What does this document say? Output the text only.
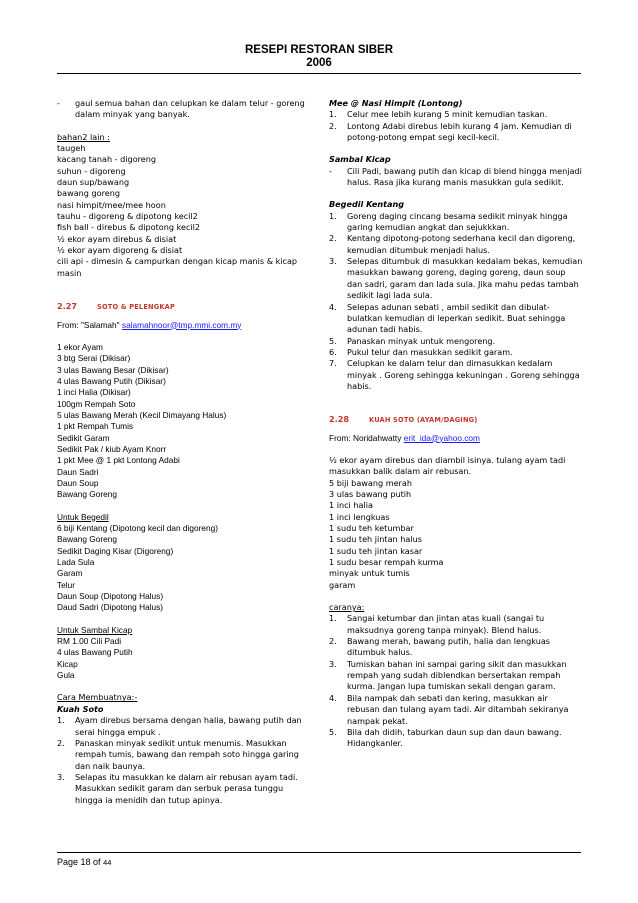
RESEPI RESTORAN SIBER
2006
-	gaul semua bahan dan celupkan ke dalam telur - goreng dalam minyak yang banyak.

bahan2 lain :

taugeh

kacang tanah - digoreng

suhun - digoreng

daun sup/bawang

bawang goreng

nasi himpit/mee/mee hoon

tauhu - digoreng & dipotong kecil2

fish ball - direbus & dipotong kecil2

½ ekor ayam direbus & disiat

½ ekor ayam digoreng & disiat

cili api - dimesin & campurkan dengan kicap manis & kicap masin

2.27	SOTO & PELENGKAP

From: "Salamah" salamahnoor@tmp.mmi.com.my

1 ekor Ayam

3 btg Serai (Dikisar)

3 ulas Bawang Besar (Dikisar)

4 ulas Bawang Putih (Dikisar)

1 inci Halia (Dikisar)

100gm Rempah Soto

5 ulas Bawang Merah (Kecil Dimayang Halus)

1 pkt Rempah Tumis

Sedikit Garam

Sedikit Pak / kiub Ayam Knorr

1 pkt Mee @ 1 pkt Lontong Adabi

Daun Sadri

Daun Soup

Bawang Goreng

Untuk Begedil

6 biji Kentang (Dipotong kecil dan digoreng)

Bawang Goreng

Sedikit Daging Kisar (Digoreng)

Lada Sula

Garam

Telur

Daun Soup (Dipotong Halus)

Daud Sadri (Dipotong Halus)

Untuk Sambal Kicap

RM 1.00 Cili Padi

4 ulas Bawang Putih

Kicap

Gula

Cara Membuatnya:-

Kuah Soto

1.	Ayam direbus bersama dengan halia, bawang putih dan serai hingga empuk .
2.	Panaskan minyak sedikit untuk menumis. Masukkan rempah tumis, bawang dan rempah soto hingga garing dan naik baunya.
3.	Selapas itu masukkan ke dalam air rebusan ayam tadi. Masukkan sedikit garam dan serbuk perasa tunggu hingga ia menidih dan tutup apinya.

Mee @ Nasi Himpit (Lontong)

1.	Celur mee lebih kurang 5 minit kemudian taskan.
2.	Lontong Adabi direbus lebih kurang 4 jam. Kemudian di potong-potong empat segi kecil-kecil.

Sambal Kicap

-	Cili Padi, bawang putih dan kicap di blend hingga menjadi halus. Rasa jika kurang manis masukkan gula sedikit.

Begedil Kentang

1.	Goreng daging cincang besama sedikit minyak hingga garing kemudian angkat dan sejukkkan.
2.	Kentang dipotong-potong sederhana kecil dan digoreng, kemudian ditumbuk menjadi halus.
3.	Selepas ditumbuk di masukkan kedalam bekas, kemudian masukkan bawang goreng, daging goreng, daun soup dan sadri, garam dan lada sula. Jika mahu pedas tambah sedikit lagi lada sula.
4.	Selepas adunan sebati , ambil sedikit dan dibulat-bulatkan kemudian di leperkan sedikit. Buat sehingga adunan tadi habis.
5.	Panaskan minyak untuk mengoreng.
6.	Pukul telur dan masukkan sedikit garam.
7.	Celupkan ke dalam telur dan dimasukkan kedalam minyak . Goreng sehingga kekuningan . Goreng sehingga habis.
2.28	KUAH SOTO (AYAM/DAGING)

From: Noridahwatty erit_ida@yahoo.com

½ ekor ayam direbus dan diambil isinya. tulang ayam tadi masukkan balik dalam air rebusan.

5 biji bawang merah

3 ulas bawang putih

1 inci halia

1 inci lengkuas

1 sudu teh ketumbar

1 sudu teh jintan halus

1 sudu teh jintan kasar

1 sudu besar rempah kurma

minyak untuk tumis

garam

caranya:

1.	Sangai ketumbar dan jintan atas kuali (sangai tu maksudnya goreng tanpa minyak). Blend halus.
2.	Bawang merah, bawang putih, halia dan lengkuas ditumbuk halus.
3.	Tumiskan bahan ini sampai garing sikit dan masukkan rempah yang sudah diblendkan bersertakan rempah kurma. Jangan lupa tumiskan sekali dengan garam.
4.	Bila nampak dah sebati dan kering, masukkan air rebusan dan tulang ayam tadi. Air ditambah sekiranya nampak pekat.
5.	Bila dah didih, taburkan daun sup dan daun bawang. Hidangkanler.
Page 18 of 44
